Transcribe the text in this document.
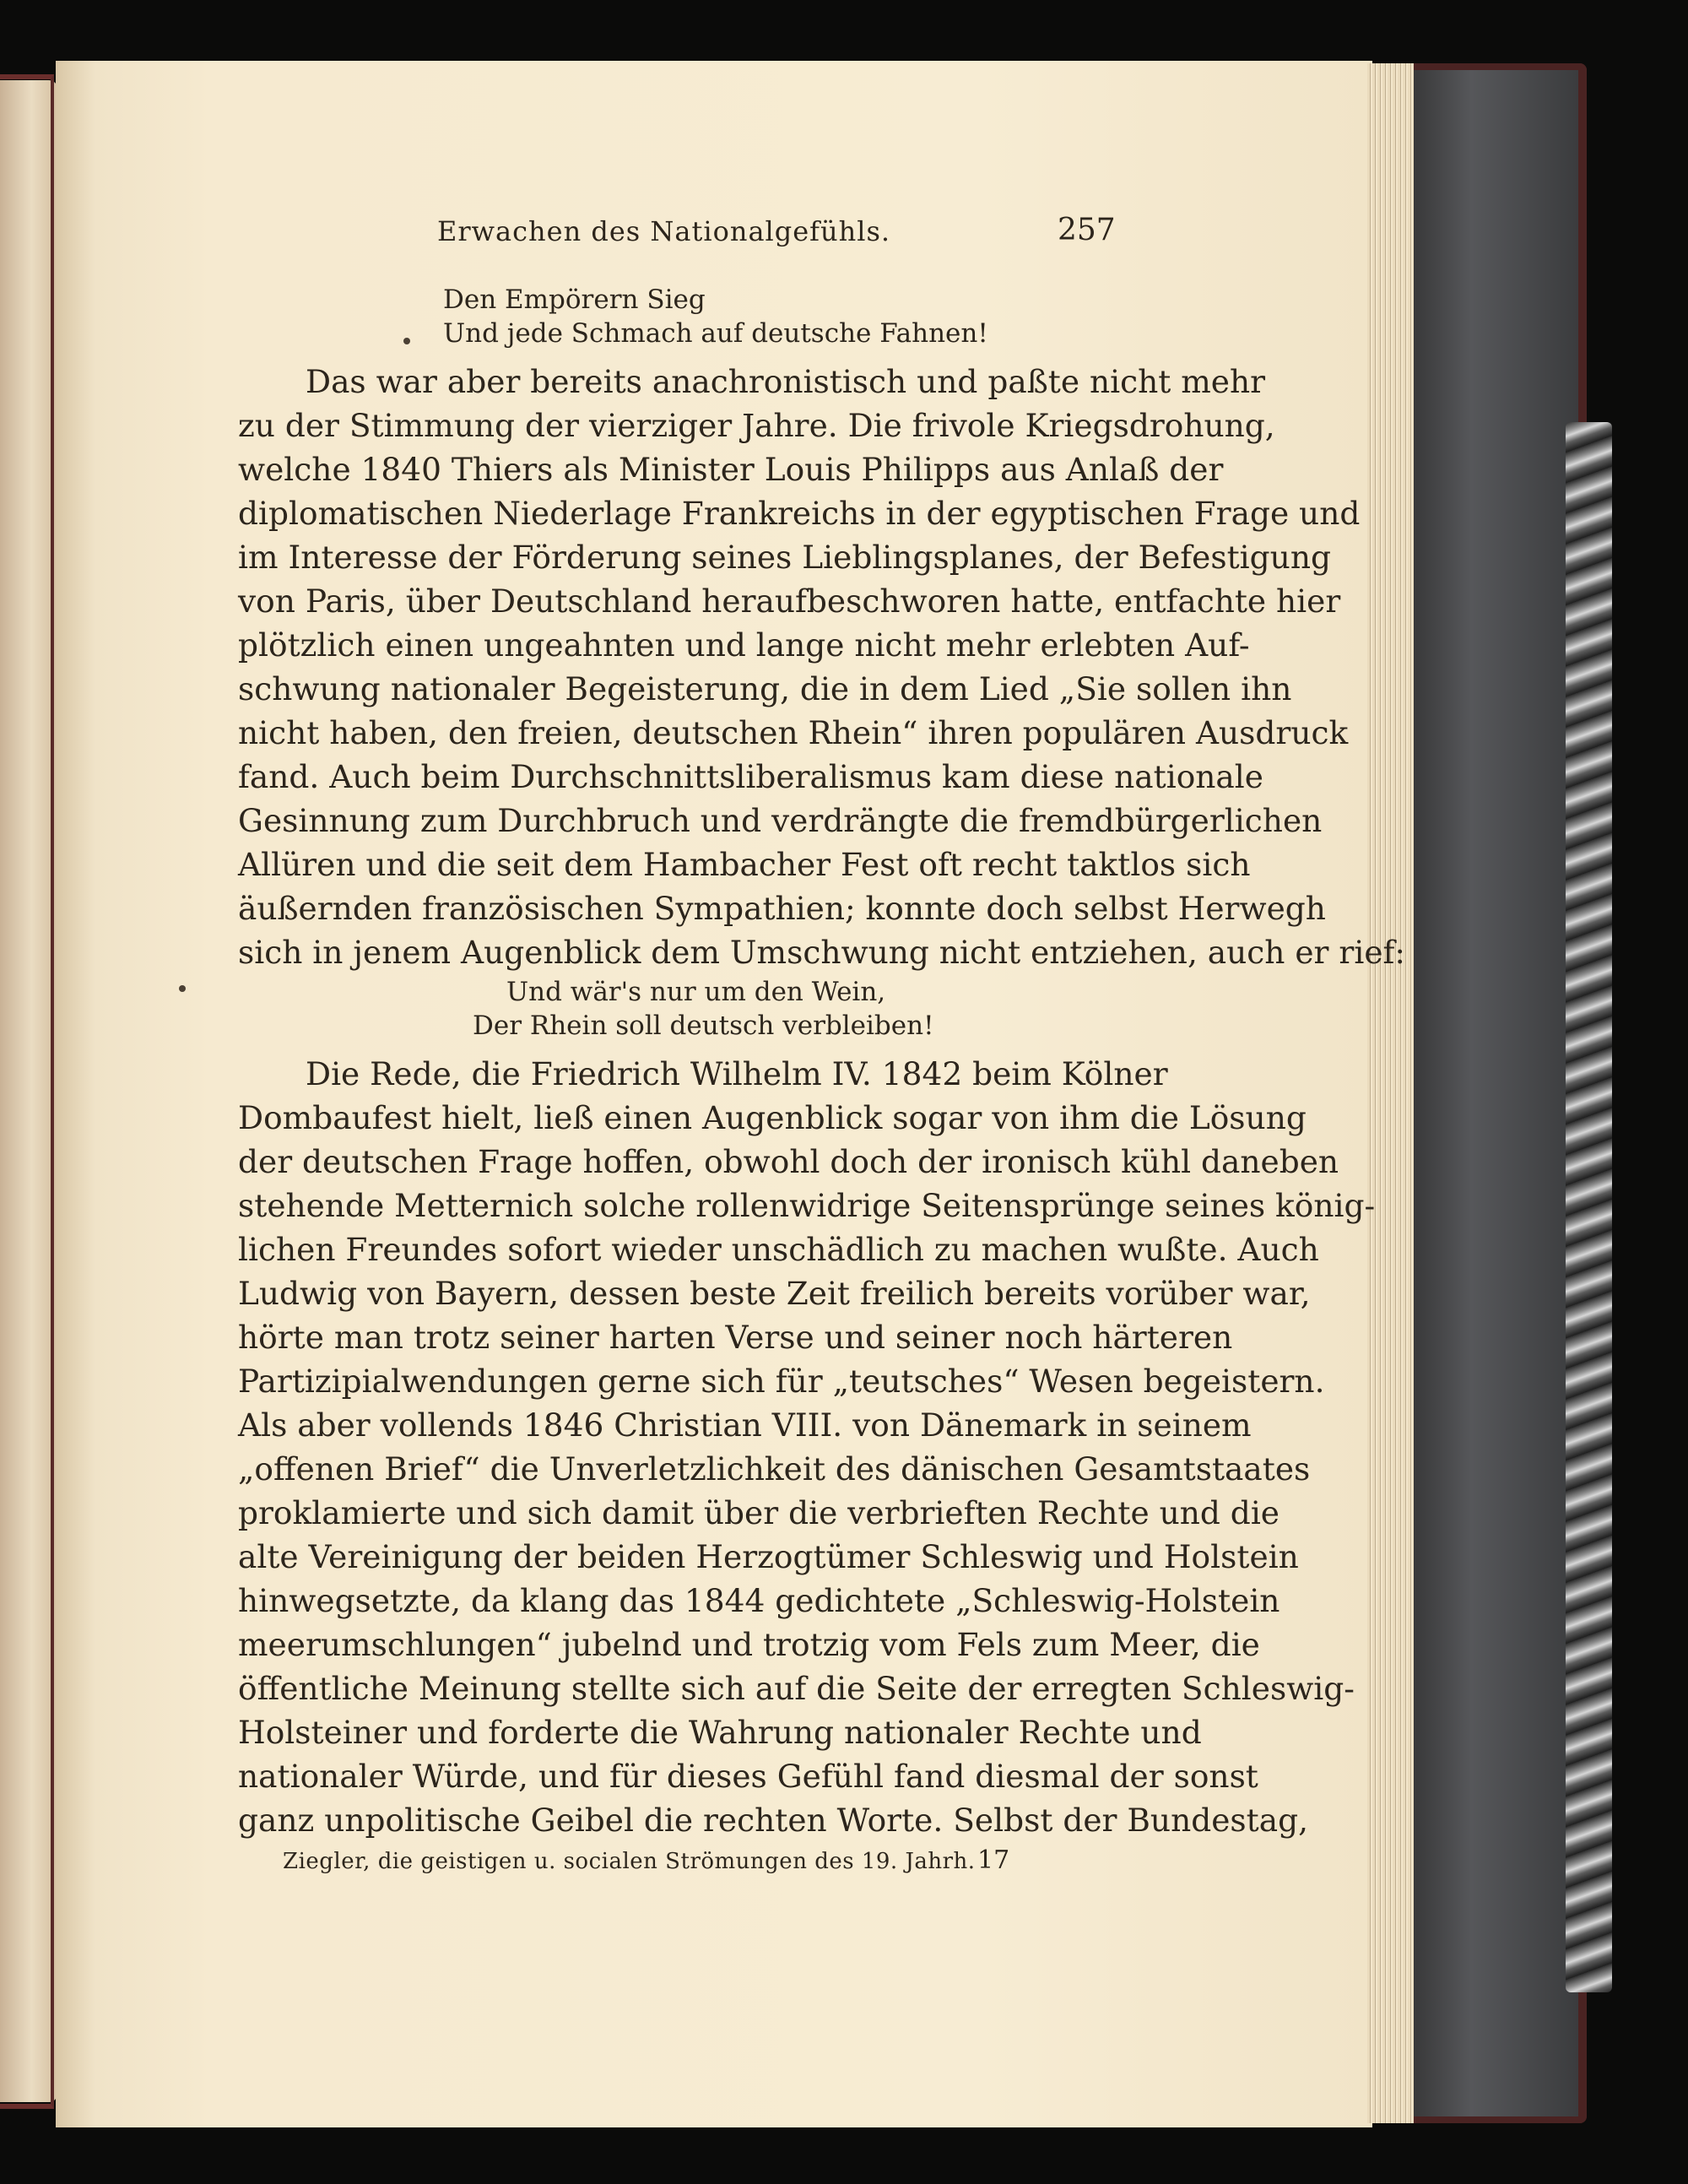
Erwachen des Nationalgefühls.	257
Den Empörern Sieg
Und jede Schmach auf deutsche Fahnen!
Das war aber bereits anachronistisch und paßte nicht mehr
zu der Stimmung der vierziger Jahre. Die frivole Kriegsdrohung,
welche 1840 Thiers als Minister Louis Philipps aus Anlaß der
diplomatischen Niederlage Frankreichs in der egyptischen Frage und
im Interesse der Förderung seines Lieblingsplanes, der Befestigung
von Paris, über Deutschland heraufbeschworen hatte, entfachte hier
plötzlich einen ungeahnten und lange nicht mehr erlebten Auf-
schwung nationaler Begeisterung, die in dem Lied „Sie sollen ihn
nicht haben, den freien, deutschen Rhein“ ihren populären Ausdruck
fand. Auch beim Durchschnittsliberalismus kam diese nationale
Gesinnung zum Durchbruch und verdrängte die fremdbürgerlichen
Allüren und die seit dem Hambacher Fest oft recht taktlos sich
äußernden französischen Sympathien; konnte doch selbst Herwegh
sich in jenem Augenblick dem Umschwung nicht entziehen, auch er rief:
Und wär's nur um den Wein,
Der Rhein soll deutsch verbleiben!
Die Rede, die Friedrich Wilhelm IV. 1842 beim Kölner
Dombaufest hielt, ließ einen Augenblick sogar von ihm die Lösung
der deutschen Frage hoffen, obwohl doch der ironisch kühl daneben
stehende Metternich solche rollenwidrige Seitensprünge seines könig-
lichen Freundes sofort wieder unschädlich zu machen wußte. Auch
Ludwig von Bayern, dessen beste Zeit freilich bereits vorüber war,
hörte man trotz seiner harten Verse und seiner noch härteren
Partizipialwendungen gerne sich für „teutsches“ Wesen begeistern.
Als aber vollends 1846 Christian VIII. von Dänemark in seinem
„offenen Brief“ die Unverletzlichkeit des dänischen Gesamtstaates
proklamierte und sich damit über die verbrieften Rechte und die
alte Vereinigung der beiden Herzogtümer Schleswig und Holstein
hinwegsetzte, da klang das 1844 gedichtete „Schleswig-Holstein
meerumschlungen“ jubelnd und trotzig vom Fels zum Meer, die
öffentliche Meinung stellte sich auf die Seite der erregten Schleswig-
Holsteiner und forderte die Wahrung nationaler Rechte und
nationaler Würde, und für dieses Gefühl fand diesmal der sonst
ganz unpolitische Geibel die rechten Worte. Selbst der Bundestag,
Ziegler, die geistigen u. socialen Strömungen des 19. Jahrh. 17
